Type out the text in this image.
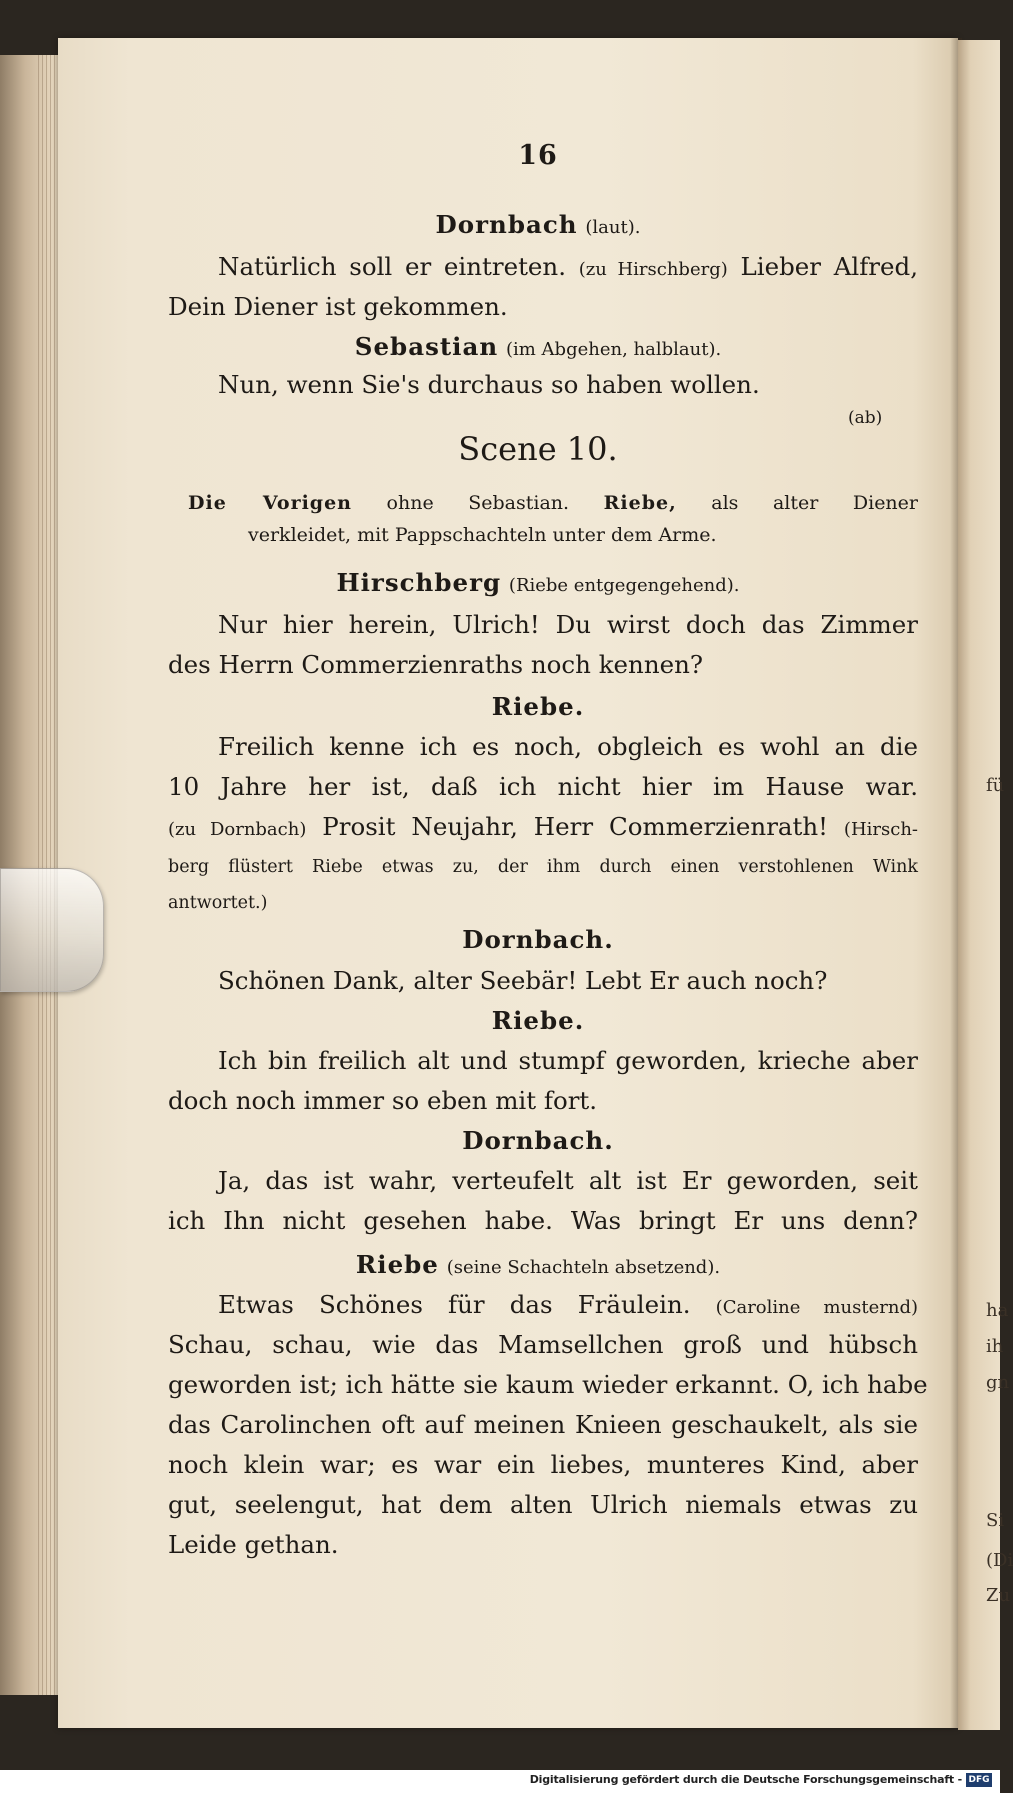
fü
ha
ih
gn
Si
(Di
Zu
16
Dornbach (laut).
Natürlich soll er eintreten. (zu Hirschberg) Lieber Alfred,
Dein Diener ist gekommen.
Sebastian (im Abgehen, halblaut).
Nun, wenn Sie's durchaus so haben wollen.
(ab)
Scene 10.
Die Vorigen ohne Sebastian. Riebe, als alter Diener
verkleidet, mit Pappschachteln unter dem Arme.
Hirschberg (Riebe entgegengehend).
Nur hier herein, Ulrich! Du wirst doch das Zimmer
des Herrn Commerzienraths noch kennen?
Riebe.
Freilich kenne ich es noch, obgleich es wohl an die
10 Jahre her ist, daß ich nicht hier im Hause war.
(zu Dornbach) Prosit Neujahr, Herr Commerzienrath! (Hirsch-
berg flüstert Riebe etwas zu, der ihm durch einen verstohlenen Wink
antwortet.)
Dornbach.
Schönen Dank, alter Seebär! Lebt Er auch noch?
Riebe.
Ich bin freilich alt und stumpf geworden, krieche aber
doch noch immer so eben mit fort.
Dornbach.
Ja, das ist wahr, verteufelt alt ist Er geworden, seit
ich Ihn nicht gesehen habe. Was bringt Er uns denn?
Riebe (seine Schachteln absetzend).
Etwas Schönes für das Fräulein. (Caroline musternd)
Schau, schau, wie das Mamsellchen groß und hübsch
geworden ist; ich hätte sie kaum wieder erkannt. O, ich habe
das Carolinchen oft auf meinen Knieen geschaukelt, als sie
noch klein war; es war ein liebes, munteres Kind, aber
gut, seelengut, hat dem alten Ulrich niemals etwas zu
Leide gethan.
Digitalisierung gefördert durch die Deutsche Forschungsgemeinschaft - DFG
